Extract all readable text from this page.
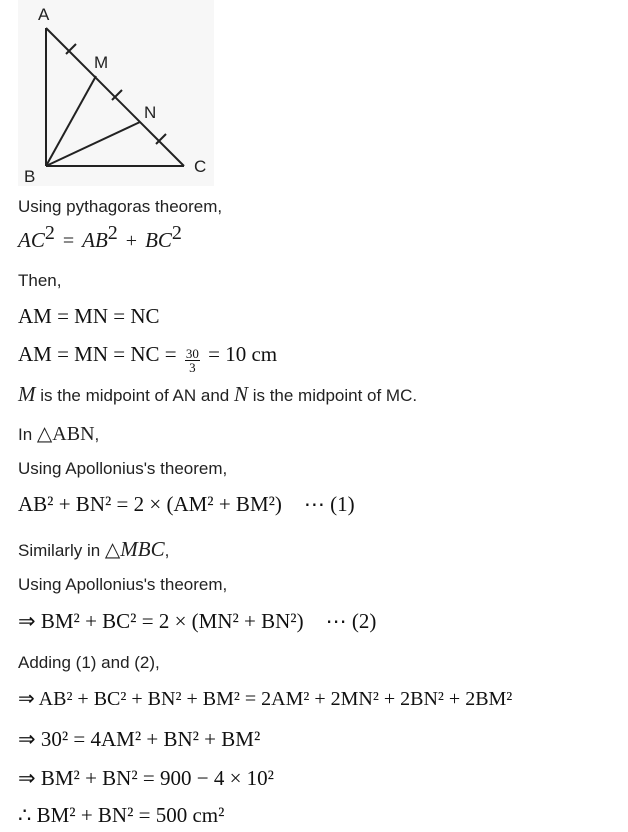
A
B
C
M
N
Using pythagoras theorem,
$AC^2 = AB^2 + BC^2$
Then,
AM = MN = NC
AM = MN = NC = $\frac{30}{3} = 10$ cm
M is the midpoint of AN and N is the midpoint of MC.
In △ABN,
Using Apollonius's theorem,
AB² + BN² = 2 × (AM² + BM²) ⋯ (1)
Similarly in △MBC,
Using Apollonius's theorem,
⇒ BM² + BC² = 2 × (MN² + BN²) ⋯ (2)
Adding (1) and (2),
⇒ AB² + BC² + BN² + BM² = 2AM² + 2MN² + 2BN² + 2BM²
⇒ 30² = 4AM² + BN² + BM²
⇒ BM² + BN² = 900 − 4 × 10²
∴ BM² + BN² = 500 cm²
